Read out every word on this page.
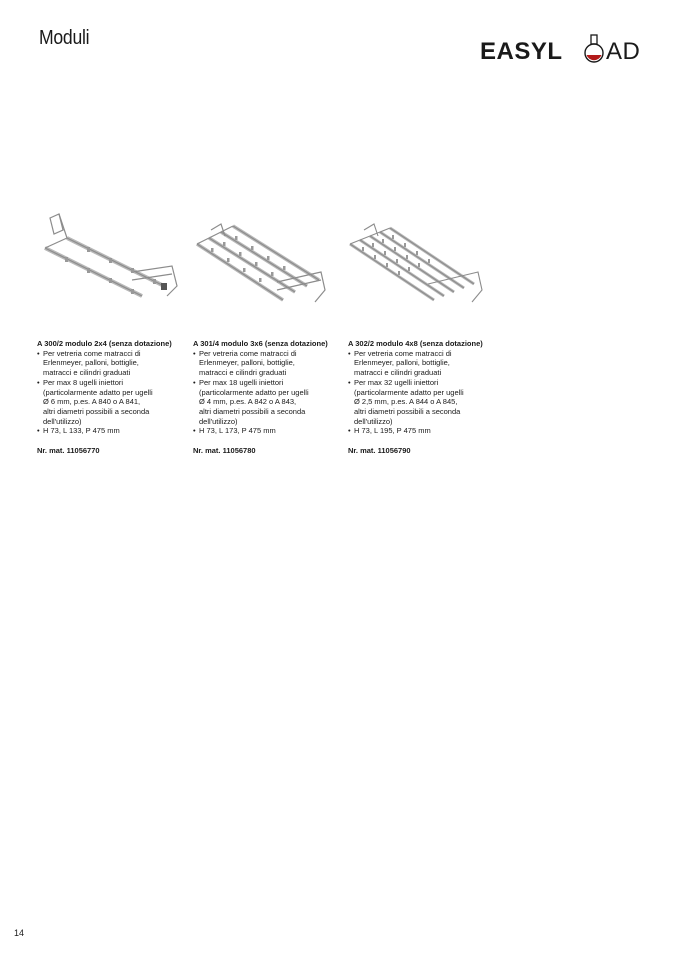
Moduli	EASYL AD
A 300/2 modulo 2x4 (senza dotazione)
• Per vetreria come matracci di
Erlenmeyer, palloni, bottiglie,
matracci e cilindri graduati
• Per max 8 ugelli iniettori
(particolarmente adatto per ugelli
Ø 6 mm, p.es. A 840 o A 841,
altri diametri possibili a seconda
dell'utilizzo)
• H 73, L 133, P 475 mm
Nr. mat. 11056770
A 301/4 modulo 3x6 (senza dotazione)
• Per vetreria come matracci di
Erlenmeyer, palloni, bottiglie,
matracci e cilindri graduati
• Per max 18 ugelli iniettori
(particolarmente adatto per ugelli
Ø 4 mm, p.es. A 842 o A 843,
altri diametri possibili a seconda
dell'utilizzo)
• H 73, L 173, P 475 mm
Nr. mat. 11056780
A 302/2 modulo 4x8 (senza dotazione)
• Per vetreria come matracci di
Erlenmeyer, palloni, bottiglie,
matracci e cilindri graduati
• Per max 32 ugelli iniettori
(particolarmente adatto per ugelli
Ø 2,5 mm, p.es. A 844 o A 845,
altri diametri possibili a seconda
dell'utilizzo)
• H 73, L 195, P 475 mm
Nr. mat. 11056790
14
